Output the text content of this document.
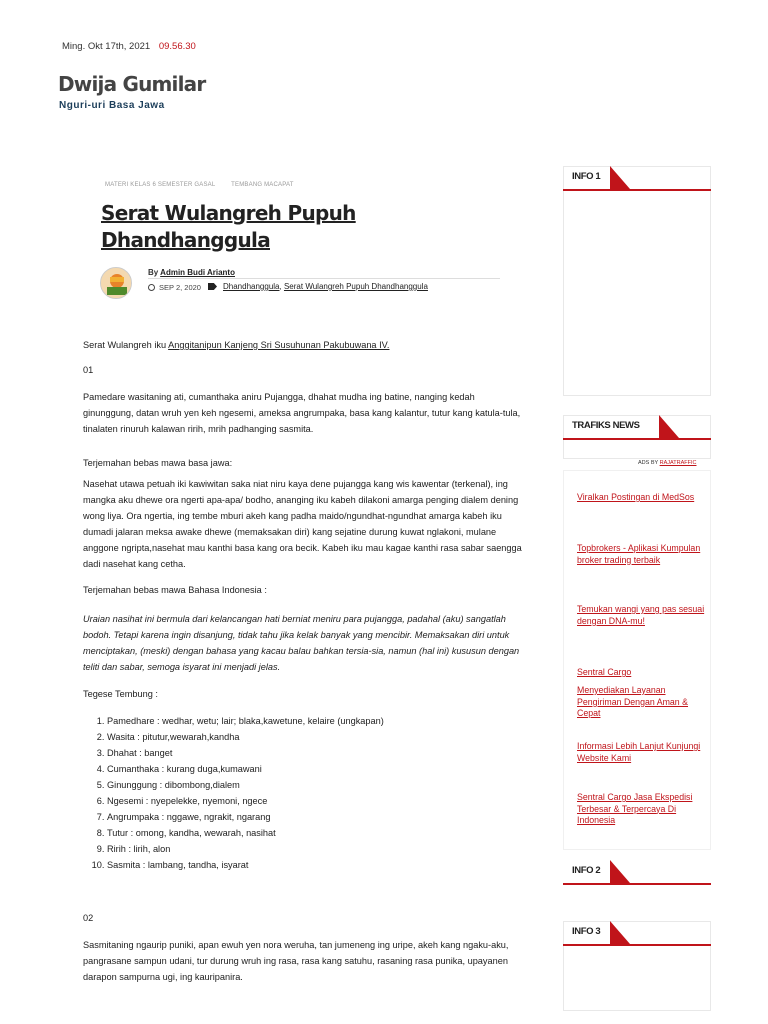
Ming. Okt 17th, 2021 09.56.30
Dwija Gumilar
Nguri-uri Basa Jawa
MATERI KELAS 6 SEMESTER GASAL	TEMBANG MACAPAT
Serat Wulangreh Pupuh Dhandhanggula
By Admin Budi Arianto
SEP 2, 2020	Dhandhanggula, Serat Wulangreh Pupuh Dhandhanggula

Serat Wulangreh iku Anggitanipun Kanjeng Sri Susuhunan Pakubuwana IV.

01

Pamedare wasitaning ati, cumanthaka aniru Pujangga, dhahat mudha ing batine, nanging kedah ginunggung, datan wruh yen keh ngesemi, ameksa angrumpaka, basa kang kalantur, tutur kang katula-tula, tinalaten rinuruh kalawan ririh, mrih padhanging sasmita.

Terjemahan bebas mawa basa jawa:

Nasehat utawa petuah iki kawiwitan saka niat niru kaya dene pujangga kang wis kawentar (terkenal), ing mangka aku dhewe ora ngerti apa-apa/ bodho, ananging iku kabeh dilakoni amarga penging dialem dening wong liya. Ora ngertia, ing tembe mburi akeh kang padha maido/ngundhat-ngundhat amarga kabeh iku dumadi jalaran meksa awake dhewe (memaksakan diri) kang sejatine durung kuwat nglakoni, mulane anggone ngripta,nasehat mau kanthi basa kang ora becik. Kabeh iku mau kagae kanthi rasa sabar saengga dadi nasehat kang cetha.

Terjemahan bebas mawa Bahasa Indonesia :

Uraian nasihat ini bermula dari kelancangan hati berniat meniru para pujangga, padahal (aku) sangatlah bodoh. Tetapi karena ingin disanjung, tidak tahu jika kelak banyak yang mencibir. Memaksakan diri untuk menciptakan, (meski) dengan bahasa yang kacau balau bahkan tersia-sia, namun (hal ini) kususun dengan teliti dan sabar, semoga isyarat ini menjadi jelas.

Tegese Tembung :

1. Pamedhare : wedhar, wetu; lair; blaka,kawetune, kelaire (ungkapan)
2. Wasita : pitutur,wewarah,kandha
3. Dhahat : banget
4. Cumanthaka : kurang duga,kumawani
5. Ginunggung : dibombong,dialem
6. Ngesemi : nyepelekke, nyemoni, ngece
7. Angrumpaka : nggawe, ngrakit, ngarang
8. Tutur : omong, kandha, wewarah, nasihat
9. Ririh : lirih, alon
10. Sasmita : lambang, tandha, isyarat

02

Sasmitaning ngaurip puniki, apan ewuh yen nora weruha, tan jumeneng ing uripe, akeh kang ngaku-aku, pangrasane sampun udani, tur durung wruh ing rasa, rasa kang satuhu, rasaning rasa punika, upayanen darapon sampurna ugi, ing kauripanira.

INFO 1
TRAFIKS NEWS
ADS BY RAJATRAFFIC
Viralkan Postingan di MedSos
Topbrokers - Aplikasi Kumpulan broker trading terbaik
Temukan wangi yang pas sesuai dengan DNA-mu!
Sentral Cargo
Menyediakan Layanan Pengiriman Dengan Aman & Cepat
Informasi Lebih Lanjut Kunjungi Website Kami
Sentral Cargo Jasa Ekspedisi Terbesar & Terpercaya Di Indonesia
INFO 2
INFO 3
